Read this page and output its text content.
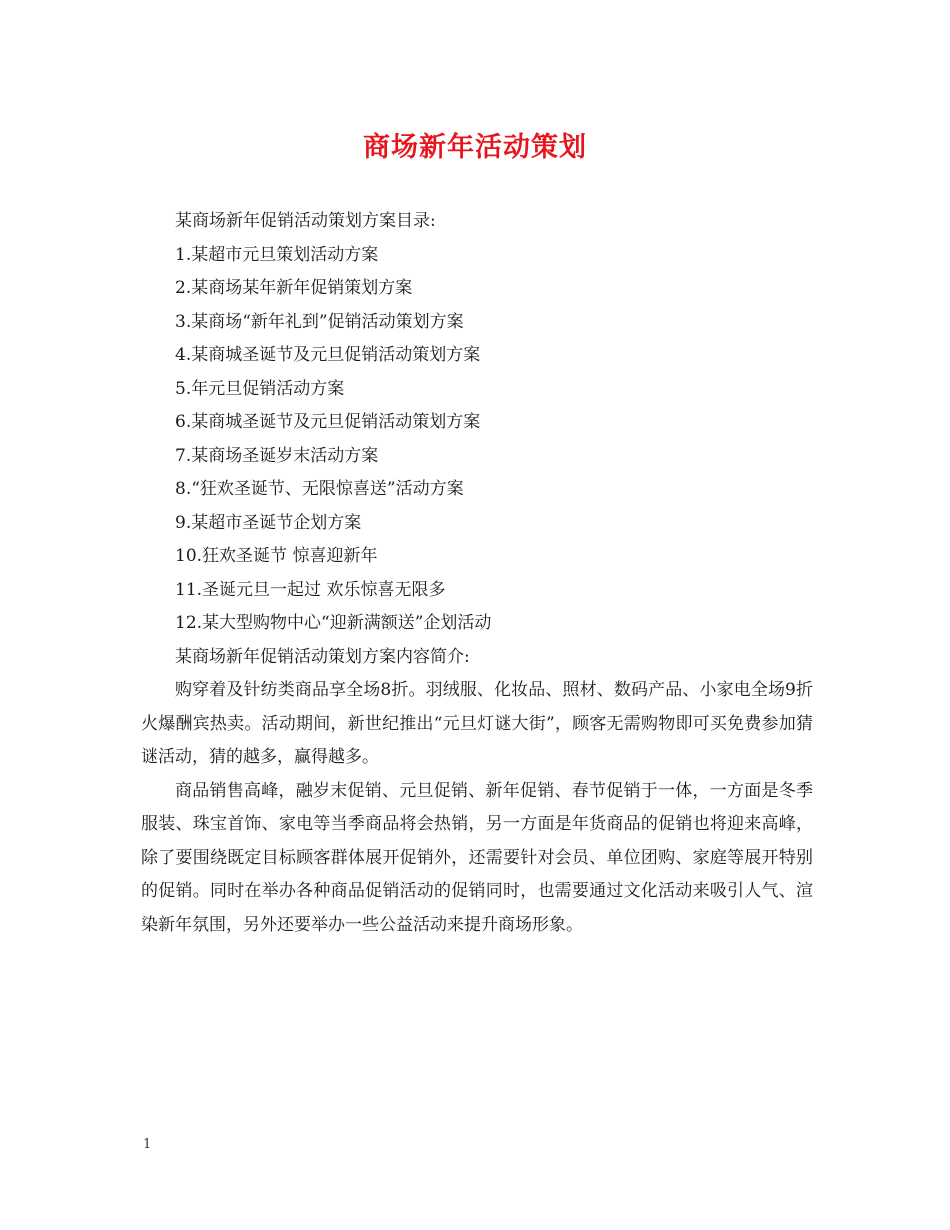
商场新年活动策划

某商场新年促销活动策划方案目录:

1.某超市元旦策划活动方案

2.某商场某年新年促销策划方案

3.某商场“新年礼到”促销活动策划方案

4.某商城圣诞节及元旦促销活动策划方案

5.年元旦促销活动方案

6.某商城圣诞节及元旦促销活动策划方案

7.某商场圣诞岁末活动方案

8.“狂欢圣诞节、无限惊喜送”活动方案

9.某超市圣诞节企划方案

10.狂欢圣诞节 惊喜迎新年

11.圣诞元旦一起过 欢乐惊喜无限多

12.某大型购物中心“迎新满额送”企划活动

某商场新年促销活动策划方案内容简介:

购穿着及针纺类商品享全场8折。羽绒服、化妆品、照材、数码产品、小家电全场9折火爆酬宾热卖。活动期间，新世纪推出“元旦灯谜大街”，顾客无需购物即可买免费参加猜谜活动，猜的越多，赢得越多。

商品销售高峰，融岁末促销、元旦促销、新年促销、春节促销于一体，一方面是冬季服装、珠宝首饰、家电等当季商品将会热销，另一方面是年货商品的促销也将迎来高峰，除了要围绕既定目标顾客群体展开促销外，还需要针对会员、单位团购、家庭等展开特别的促销。同时在举办各种商品促销活动的促销同时，也需要通过文化活动来吸引人气、渲染新年氛围，另外还要举办一些公益活动来提升商场形象。

1
